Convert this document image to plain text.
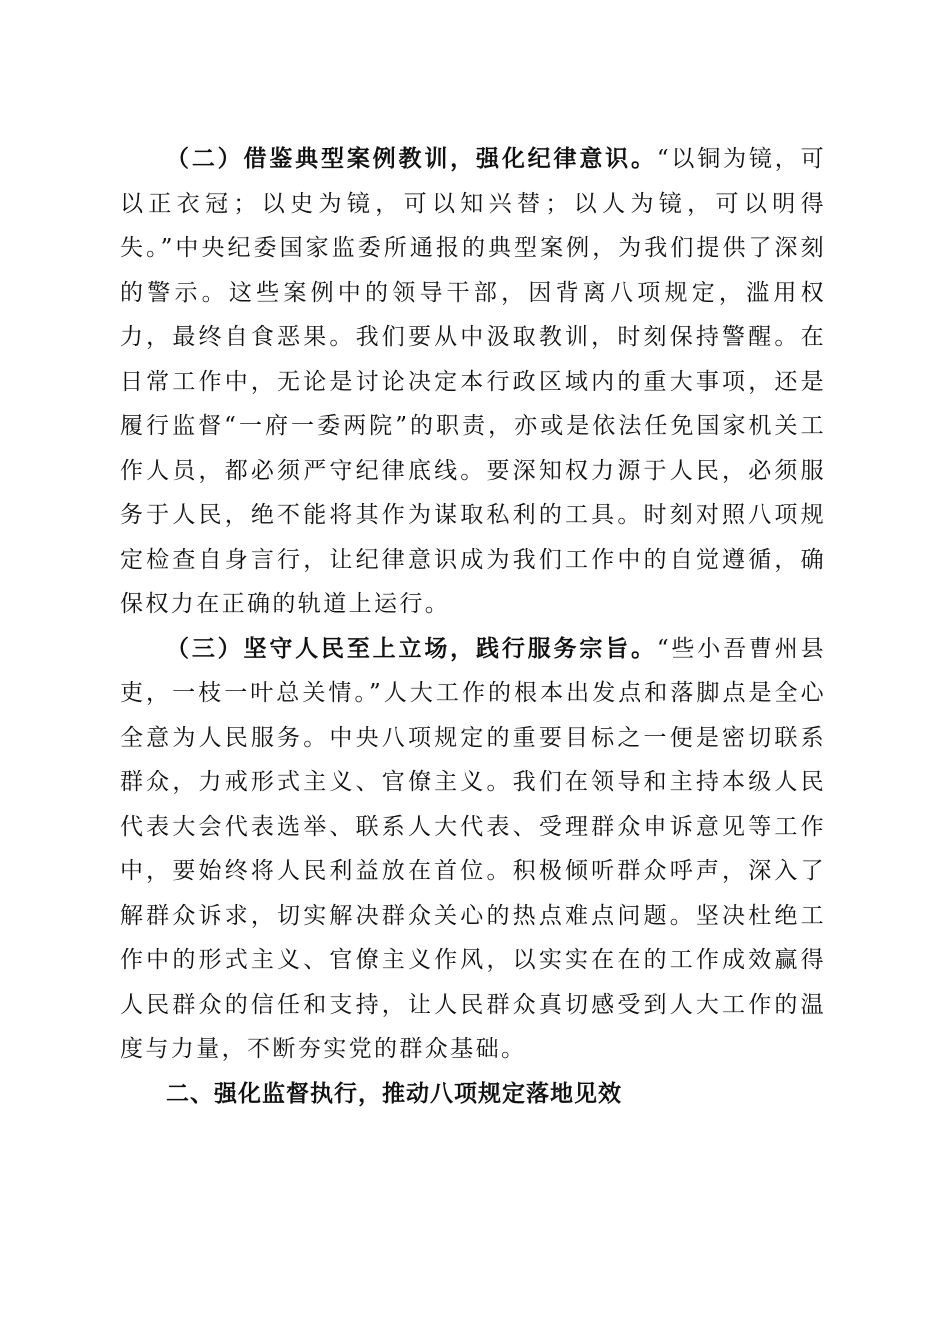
（二）借鉴典型案例教训，强化纪律意识。“以铜为镜，可以正衣冠；以史为镜，可以知兴替；以人为镜，可以明得失。”中央纪委国家监委所通报的典型案例，为我们提供了深刻的警示。这些案例中的领导干部，因背离八项规定，滥用权力，最终自食恶果。我们要从中汲取教训，时刻保持警醒。在日常工作中，无论是讨论决定本行政区域内的重大事项，还是履行监督“一府一委两院”的职责，亦或是依法任免国家机关工作人员，都必须严守纪律底线。要深知权力源于人民，必须服务于人民，绝不能将其作为谋取私利的工具。时刻对照八项规定检查自身言行，让纪律意识成为我们工作中的自觉遵循，确保权力在正确的轨道上运行。

（三）坚守人民至上立场，践行服务宗旨。“些小吾曹州县吏，一枝一叶总关情。”人大工作的根本出发点和落脚点是全心全意为人民服务。中央八项规定的重要目标之一便是密切联系群众，力戒形式主义、官僚主义。我们在领导和主持本级人民代表大会代表选举、联系人大代表、受理群众申诉意见等工作中，要始终将人民利益放在首位。积极倾听群众呼声，深入了解群众诉求，切实解决群众关心的热点难点问题。坚决杜绝工作中的形式主义、官僚主义作风，以实实在在的工作成效赢得人民群众的信任和支持，让人民群众真切感受到人大工作的温度与力量，不断夯实党的群众基础。

二、强化监督执行，推动八项规定落地见效
